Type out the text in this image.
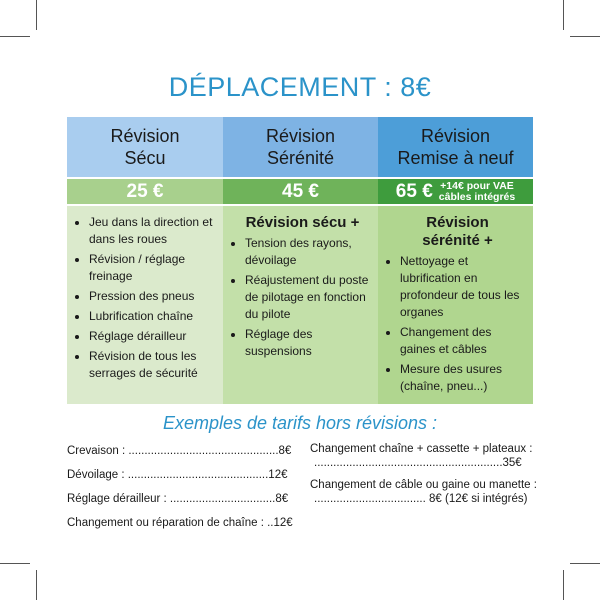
DÉPLACEMENT : 8€
Révision
Sécu
Révision
Sérénité
Révision
Remise à neuf
25 €	45 €	65 € +14€ pour VAE
câbles intégrés
• Jeu dans la direction et dans les roues
• Révision / réglage freinage
• Pression des pneus
• Lubrification chaîne
• Réglage dérailleur
• Révision de tous les serrages de sécurité
Révision sécu +
• Tension des rayons, dévoilage
• Réajustement du poste de pilotage en fonction du pilote
• Réglage des suspensions
Révision
sérénité +
• Nettoyage et lubrification en profondeur de tous les organes
• Changement des gaines et câbles
• Mesure des usures (chaîne, pneu...)
Exemples de tarifs hors révisions :
Crevaison : ...............................................8€
Dévoilage : ............................................12€
Réglage dérailleur : .................................8€
Changement ou réparation de chaîne : ..12€
Changement chaîne + cassette + plateaux :
...........................................................35€
Changement de câble ou gaine ou manette :
................................... 8€ (12€ si intégrés)
